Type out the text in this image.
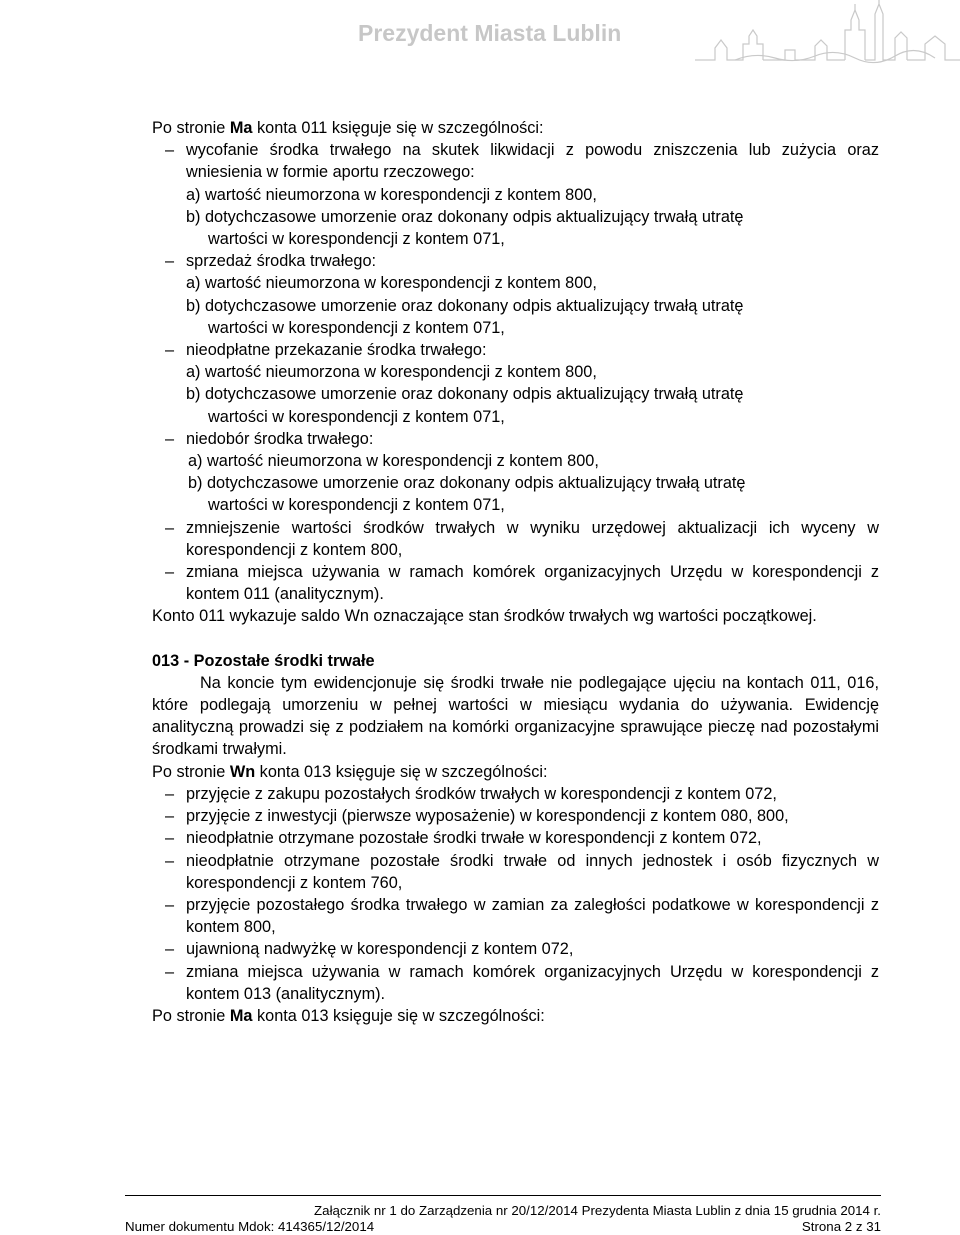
Prezydent Miasta Lublin

Po stronie Ma konta 011 księguje się w szczególności:

– wycofanie środka trwałego na skutek likwidacji z powodu zniszczenia lub zużycia oraz wniesienia w formie aportu rzeczowego:
a) wartość nieumorzona w korespondencji z kontem 800,
b) dotychczasowe umorzenie oraz dokonany odpis aktualizujący trwałą utratę
wartości w korespondencji z kontem 071,
– sprzedaż środka trwałego:
a) wartość nieumorzona w korespondencji z kontem 800,
b) dotychczasowe umorzenie oraz dokonany odpis aktualizujący trwałą utratę
wartości w korespondencji z kontem 071,
– nieodpłatne przekazanie środka trwałego:
a) wartość nieumorzona w korespondencji z kontem 800,
b) dotychczasowe umorzenie oraz dokonany odpis aktualizujący trwałą utratę
wartości w korespondencji z kontem 071,
– niedobór środka trwałego:
a) wartość nieumorzona w korespondencji z kontem 800,
b) dotychczasowe umorzenie oraz dokonany odpis aktualizujący trwałą utratę
wartości w korespondencji z kontem 071,
– zmniejszenie wartości środków trwałych w wyniku urzędowej aktualizacji ich wyceny w korespondencji z kontem 800,
– zmiana miejsca używania w ramach komórek organizacyjnych Urzędu w korespondencji z kontem 011 (analitycznym).

Konto 011 wykazuje saldo Wn oznaczające stan środków trwałych wg wartości początkowej.

013 - Pozostałe środki trwałe

Na koncie tym ewidencjonuje się środki trwałe nie podlegające ujęciu na kontach 011, 016, które podlegają umorzeniu w pełnej wartości w miesiącu wydania do używania. Ewidencję analityczną prowadzi się z podziałem na komórki organizacyjne sprawujące pieczę nad pozostałymi środkami trwałymi.

Po stronie Wn konta 013 księguje się w szczególności:

– przyjęcie z zakupu pozostałych środków trwałych w korespondencji z kontem 072,
– przyjęcie z inwestycji (pierwsze wyposażenie) w korespondencji z kontem 080, 800,
– nieodpłatnie otrzymane pozostałe środki trwałe w korespondencji z kontem 072,
– nieodpłatnie otrzymane pozostałe środki trwałe od innych jednostek i osób fizycznych w korespondencji z kontem 760,
– przyjęcie pozostałego środka trwałego w zamian za zaległości podatkowe w korespondencji z kontem 800,
– ujawnioną nadwyżkę w korespondencji z kontem 072,
– zmiana miejsca używania w ramach komórek organizacyjnych Urzędu w korespondencji z kontem 013 (analitycznym).

Po stronie Ma konta 013 księguje się w szczególności:

Załącznik nr 1 do Zarządzenia nr 20/12/2014 Prezydenta Miasta Lublin z dnia 15 grudnia 2014 r.
Numer dokumentu Mdok: 414365/12/2014	Strona 2 z 31
